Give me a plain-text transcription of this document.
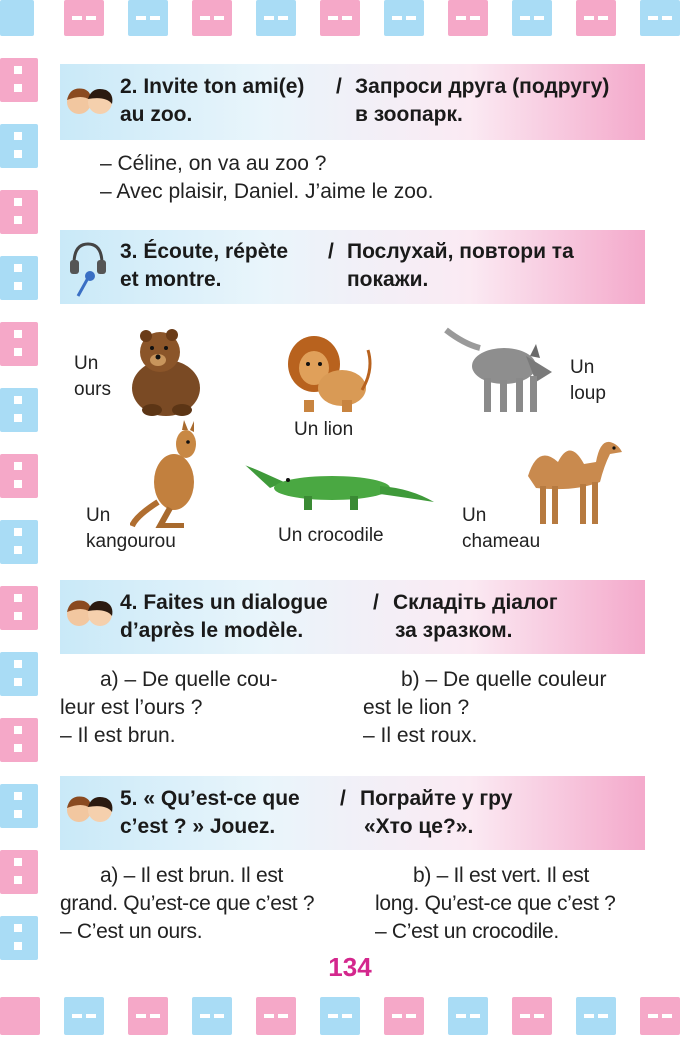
2. Invite ton ami(e)
au zoo.
/ Запроси друга (подругу)
в зоопарк.
– Céline, on va au zoo ?
– Avec plaisir, Daniel. J’aime le zoo.
3. Écoute, répète
et montre.
/ Послухай, повтори та
покажи.
Un
ours
Un lion
Un
loup
Un
kangourou	Un crocodile
Un
chameau
4. Faites un dialogue
d’après le modèle.
/ Складіть діалог
за зразком.
a) – De quelle cou-
leur est l’ours ?
– Il est brun.
b) – De quelle couleur
est le lion ?
– Il est roux.
5. « Qu’est-ce que
c’est ? » Jouez.
/ Пограйте у гру
«Хто це?».
a) – Il est brun. Il est
grand. Qu’est-ce que c’est ?
– C’est un ours.
b) – Il est vert. Il est
long. Qu’est-ce que c’est ?
– C’est un crocodile.
134
